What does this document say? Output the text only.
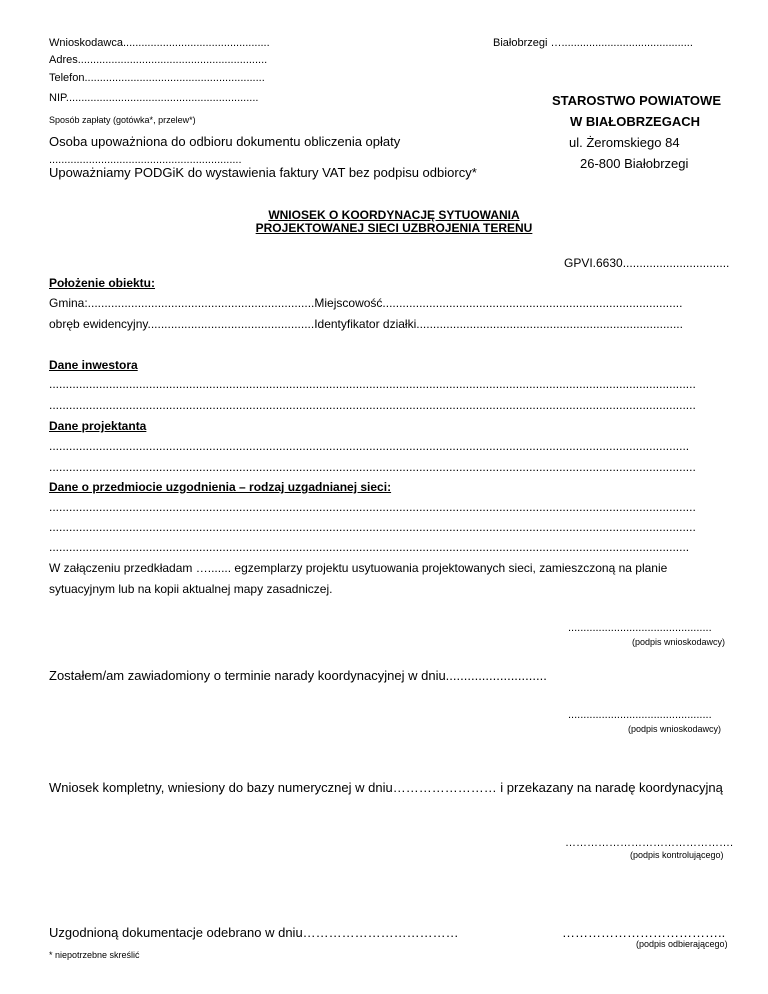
Wnioskodawca................................................	Białobrzegi …...........................................
Adres..............................................................
Telefon...........................................................
NIP...............................................................
Sposób zapłaty (gotówka*, przelew*)
Osoba upoważniona do odbioru dokumentu obliczenia opłaty
...............................................................
Upoważniamy PODGiK do wystawienia faktury VAT bez podpisu odbiorcy*
STAROSTWO POWIATOWE
W BIAŁOBRZEGACH
ul. Żeromskiego 84
26-800 Białobrzegi
WNIOSEK O KOORDYNACJĘ SYTUOWANIA
PROJEKTOWANEJ SIECI UZBROJENIA TERENU
GPVI.6630................................
Położenie obiektu:
Gmina:....................................................................Miejscowość..........................................................................................
obręb ewidencyjny..................................................Identyfikator działki................................................................................
Dane inwestora
..................................................................................................................................................................................................
..................................................................................................................................................................................................
Dane projektanta
................................................................................................................................................................................................
..................................................................................................................................................................................................
Dane o przedmiocie uzgodnienia – rodzaj uzgadnianej sieci:
..................................................................................................................................................................................................
..................................................................................................................................................................................................
................................................................................................................................................................................................
W załączeniu przedkładam …....... egzemplarzy projektu usytuowania projektowanych sieci, zamieszczoną na planie
sytuacyjnym lub na kopii aktualnej mapy zasadniczej.
...............................................
(podpis wnioskodawcy)
Zostałem/am zawiadomiony o terminie narady koordynacyjnej w dniu............................
...............................................
(podpis wnioskodawcy)
Wniosek kompletny, wniesiony do bazy numerycznej w dniu…………………… i przekazany na naradę koordynacyjną
……………………………………….
(podpis kontrolującego)
Uzgodnioną dokumentacje odebrano w dniu………………………………	………………………………..
(podpis odbierającego)
* niepotrzebne skreślić
